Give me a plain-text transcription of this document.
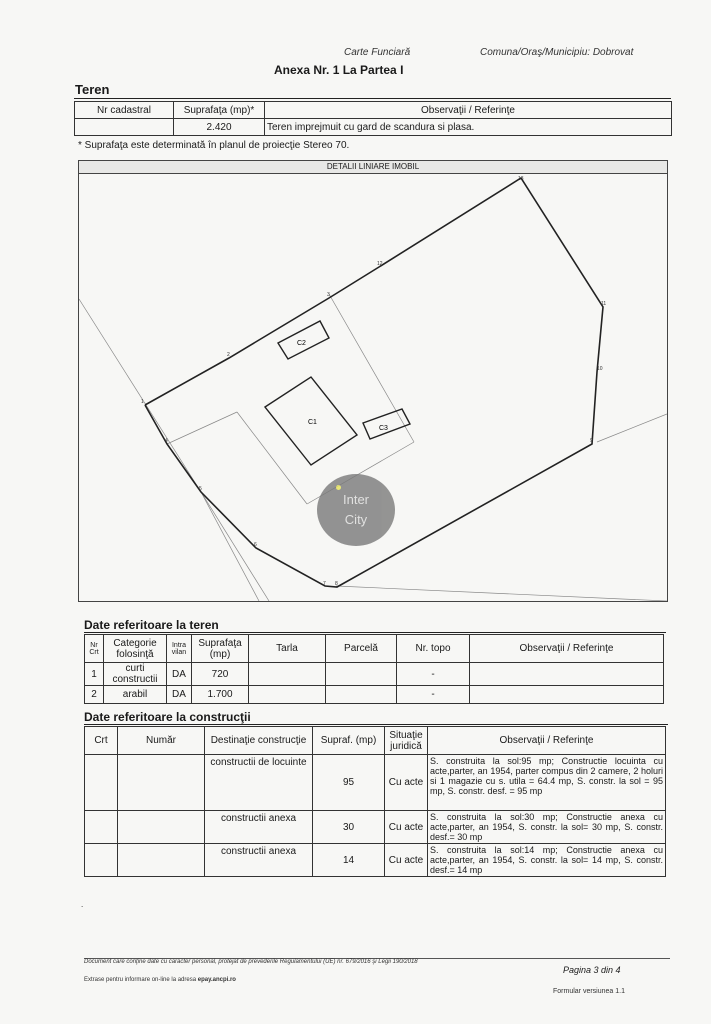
Carte Funciară	Comuna/Oraş/Municipiu: Dobrovat
Anexa Nr. 1 La Partea I
Teren
Nr cadastral	Suprafaţa (mp)*	Observaţii / Referinţe
	2.420	Teren imprejmuit cu gard de scandura si plasa.
* Suprafaţa este determinată în planul de proiecţie Stereo 70.
DETALII LINIARE IMOBIL
C1
C2
C3
1
2
3
4
5
6
7 8
9
10
11
12
13
Inter
City
Date referitoare la teren
Nr Crt	Categorie folosinţă	Intra vilan	Suprafaţa (mp)	Tarla	Parcelă	Nr. topo	Observaţii / Referinţe
1	curti constructii	DA	720			-	
2	arabil	DA	1.700			-	
Date referitoare la construcţii
Crt	Număr	Destinaţie construcţie	Supraf. (mp)	Situaţie juridică	Observaţii / Referinţe
		constructii de locuinte	95	Cu acte	S. construita la sol:95 mp; Constructie locuinta cu acte,parter, an 1954, parter compus din 2 camere, 2 holuri si 1 magazie cu s. utila = 64.4 mp, S. constr. la sol = 95 mp, S. constr. desf. = 95 mp
		constructii anexa	30	Cu acte	S. construita la sol:30 mp; Constructie anexa cu acte,parter, an 1954, S. constr. la sol= 30 mp, S. constr. desf.= 30 mp
		constructii anexa	14	Cu acte	S. construita la sol:14 mp; Constructie anexa cu acte,parter, an 1954, S. constr. la sol= 14 mp, S. constr. desf.= 14 mp
.
Document care conţine date cu caracter personal, protejat de prevederile Regulamentului (UE) nr. 679/2016 şi Legii 190/2018
Extrase pentru informare on-line la adresa epay.ancpi.ro
Pagina 3 din 4
Formular versiunea 1.1
